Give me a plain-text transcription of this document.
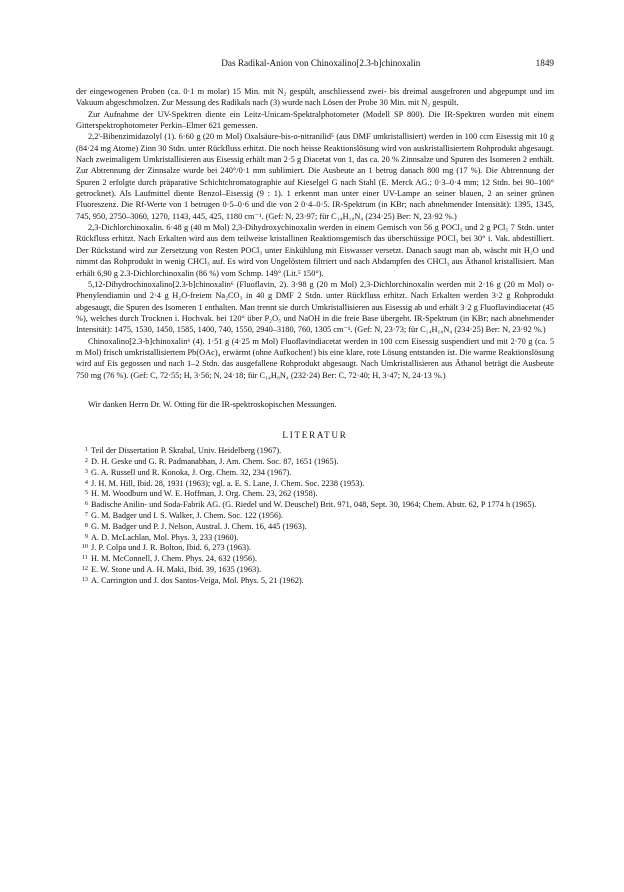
Das Radikal-Anion von Chinoxalino[2.3-b]chinoxalin	1849

der eingewogenen Proben (ca. 0·1 m molar) 15 Min. mit N₂ gespült, anschliessend zwei- bis dreimal ausgefroren und abgepumpt und im Vakuum abgeschmolzen. Zur Messung des Radikals nach (3) wurde nach Lösen der Probe 30 Min. mit N₂ gespült.

Zur Aufnahme der UV-Spektren diente ein Leitz-Unicam-Spektralphotometer (Modell SP 800). Die IR-Spektren wurden mit einem Gitterspektrophotometer Perkin–Elmer 621 gemessen.

2,2'-Bibenzimidazolyl (1). 6·60 g (20 m Mol) Oxalsäure-bis-o-nitranilid⁵ (aus DMF umkristallisiert) werden in 100 ccm Eisessig mit 10 g (84·24 mg Atome) Zinn 30 Stdn. unter Rückfluss erhitzt. Die noch heisse Reaktionslösung wird von auskristallisiertem Rohprodukt abgesaugt. Nach zweimaligem Umkristallisieren aus Eisessig erhält man 2·5 g Diacetat von 1, das ca. 20 % Zinnsalze und Spuren des Isomeren 2 enthält. Zur Abtrennung der Zinnsalze wurde bei 240°/0·1 mm sublimiert. Die Ausbeute an 1 betrug danach 800 mg (17 %). Die Abtrennung der Spuren 2 erfolgte durch präparative Schichtchromatographie auf Kieselgel G nach Stahl (E. Merck AG.; 0·3–0·4 mm; 12 Stdn. bei 90–100° getrocknet). Als Laufmittel diente Benzol–Eisessig (9 : 1). 1 erkennt man unter einer UV-Lampe an seiner blauen, 2 an seiner grünen Fluoreszenz. Die Rf-Werte von 1 betrugen 0·5–0·6 und die von 2 0·4–0·5. IR-Spektrum (in KBr; nach abnehmender Intensität): 1395, 1345, 745, 950, 2750–3060, 1270, 1143, 445, 425, 1180 cm⁻¹. (Gef: N, 23·97; für C₁₄H₁₀N₄ (234·25) Ber: N, 23·92 %.)

2,3-Dichlorchinoxalin. 6·48 g (40 m Mol) 2,3-Dihydroxychinoxalin werden in einem Gemisch von 56 g POCl₃ und 2 g PCl₅ 7 Stdn. unter Rückfluss erhitzt. Nach Erkalten wird aus dem teilweise kristallinen Reaktionsgemisch das überschüssige POCl₃ bei 30° i. Vak. abdestilliert. Der Rückstand wird zur Zersetzung von Resten POCl₃ unter Eiskühlung mit Eiswasser versetzt. Danach saugt man ab, wäscht mit H₂O und nimmt das Rohprodukt in wenig CHCl₃ auf. Es wird von Ungelöstem filtriert und nach Abdampfen des CHCl₃ aus Äthanol kristallisiert. Man erhält 6,90 g 2.3-Dichlorchinoxalin (86 %) vom Schmp. 149° (Lit.⁵ 150°).

5,12-Dihydrochinoxalino[2.3-b]chinoxalin⁶ (Fluoflavin, 2). 3·98 g (20 m Mol) 2,3-Dichlorchinoxalin werden mit 2·16 g (20 m Mol) o-Phenylendiamin und 2·4 g H₂O-freiem Na₂CO₃ in 40 g DMF 2 Stdn. unter Rückfluss erhitzt. Nach Erkalten werden 3·2 g Rohprodukt abgesaugt, die Spuren des Isomeren 1 enthalten. Man trennt sie durch Umkristallisieren aus Eisessig ab und erhält 3·2 g Fluoflavindiacetat (45 %), welches durch Trocknen i. Hochvak. bei 120° über P₂O₅ und NaOH in die freie Base übergeht. IR-Spektrum (in KBr; nach abnehmender Intensität): 1475, 1530, 1450, 1585, 1400, 740, 1550, 2940–3180, 760, 1305 cm⁻¹. (Gef: N, 23·73; für C₁₄H₁₀N₄ (234·25) Ber: N, 23·92 %.)

Chinoxalino[2.3-b]chinoxalin⁶ (4). 1·51 g (4·25 m Mol) Fluoflavindiacetat werden in 100 ccm Eisessig suspendiert und mit 2·70 g (ca. 5 m Mol) frisch umkristallisiertem Pb(OAc)₄ erwärmt (ohne Aufkochen!) bis eine klare, rote Lösung entstanden ist. Die warme Reaktionslösung wird auf Eis gegossen und nach 1–2 Stdn. das ausgefallene Rohprodukt abgesaugt. Nach Umkristallisieren aus Äthanol beträgt die Ausbeute 750 mg (76 %). (Gef: C, 72·55; H, 3·56; N, 24·18; für C₁₄H₈N₄ (232·24) Ber: C, 72·40; H, 3·47; N, 24·13 %.)

Wir danken Herrn Dr. W. Otting für die IR-spektroskopischen Messungen.

LITERATUR
1 Teil der Dissertation P. Skrabal, Univ. Heidelberg (1967).
2 D. H. Geske und G. R. Padmanabhan, J. Am. Chem. Soc. 87, 1651 (1965).
3 G. A. Russell und R. Konoka, J. Org. Chem. 32, 234 (1967).
4 J. H. M. Hill, Ibid. 28, 1931 (1963); vgl. a. E. S. Lane, J. Chem. Soc. 2238 (1953).
5 H. M. Woodburn und W. E. Hoffman, J. Org. Chem. 23, 262 (1958).
6 Badische Anilin- und Soda-Fabrik AG. (G. Riedel und W. Deuschel) Brit. 971, 048, Sept. 30, 1964; Chem. Abstr. 62, P 1774 h (1965).
7 G. M. Badger und I. S. Walker, J. Chem. Soc. 122 (1956).
8 G. M. Badger und P. J. Nelson, Austral. J. Chem. 16, 445 (1963).
9 A. D. McLachlan, Mol. Phys. 3, 233 (1960).
10 J. P. Colpa und J. R. Bolton, Ibid. 6, 273 (1963).
11 H. M. McConnell, J. Chem. Phys. 24, 632 (1956).
12 E. W. Stone und A. H. Maki, Ibid. 39, 1635 (1963).
13 A. Carrington und J. dos Santos-Veiga, Mol. Phys. 5, 21 (1962).
